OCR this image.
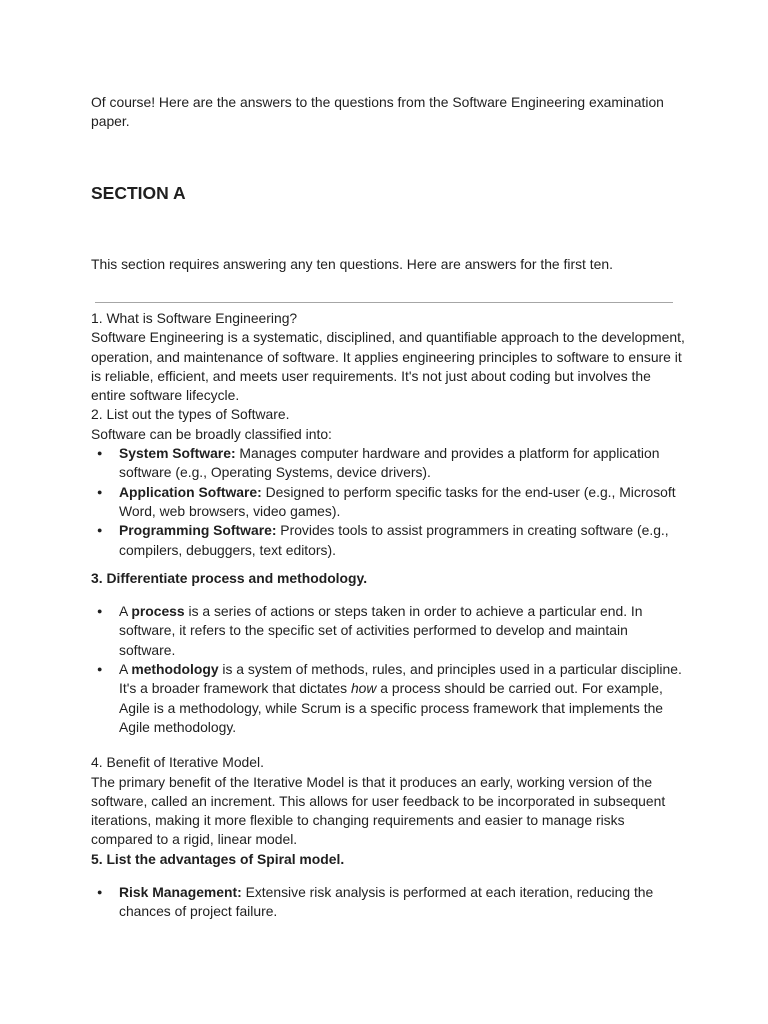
Of course! Here are the answers to the questions from the Software Engineering examination paper.

SECTION A

This section requires answering any ten questions. Here are answers for the first ten.

1. What is Software Engineering?

Software Engineering is a systematic, disciplined, and quantifiable approach to the development, operation, and maintenance of software. It applies engineering principles to software to ensure it is reliable, efficient, and meets user requirements. It's not just about coding but involves the entire software lifecycle.

2. List out the types of Software.

Software can be broadly classified into:

● System Software: Manages computer hardware and provides a platform for application software (e.g., Operating Systems, device drivers).
● Application Software: Designed to perform specific tasks for the end-user (e.g., Microsoft Word, web browsers, video games).
● Programming Software: Provides tools to assist programmers in creating software (e.g., compilers, debuggers, text editors).

3. Differentiate process and methodology.

● A process is a series of actions or steps taken in order to achieve a particular end. In software, it refers to the specific set of activities performed to develop and maintain software.
● A methodology is a system of methods, rules, and principles used in a particular discipline. It's a broader framework that dictates how a process should be carried out. For example, Agile is a methodology, while Scrum is a specific process framework that implements the Agile methodology.

4. Benefit of Iterative Model.

The primary benefit of the Iterative Model is that it produces an early, working version of the software, called an increment. This allows for user feedback to be incorporated in subsequent iterations, making it more flexible to changing requirements and easier to manage risks compared to a rigid, linear model.

5. List the advantages of Spiral model.

● Risk Management: Extensive risk analysis is performed at each iteration, reducing the chances of project failure.
